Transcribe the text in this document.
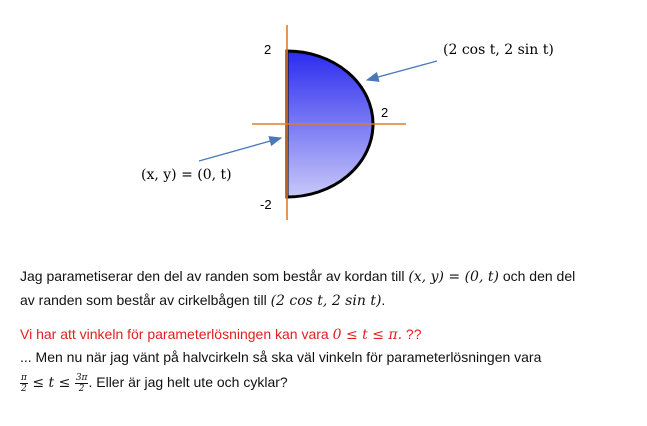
2
2
-2
(2 cos t, 2 sin t)
(x, y) = (0, t)
Jag parametiserar den del av randen som består av kordan till (x, y) = (0, t) och den del
av randen som består av cirkelbågen till (2 cos t, 2 sin t).
Vi har att vinkeln för parameterlösningen kan vara 0 ≤ t ≤ π. ??
... Men nu när jag vänt på halvcirkeln så ska väl vinkeln för parameterlösningen vara
$\frac{\pi}{2} \le t \le \frac{3\pi}{2}$ . Eller är jag helt ute och cyklar?
